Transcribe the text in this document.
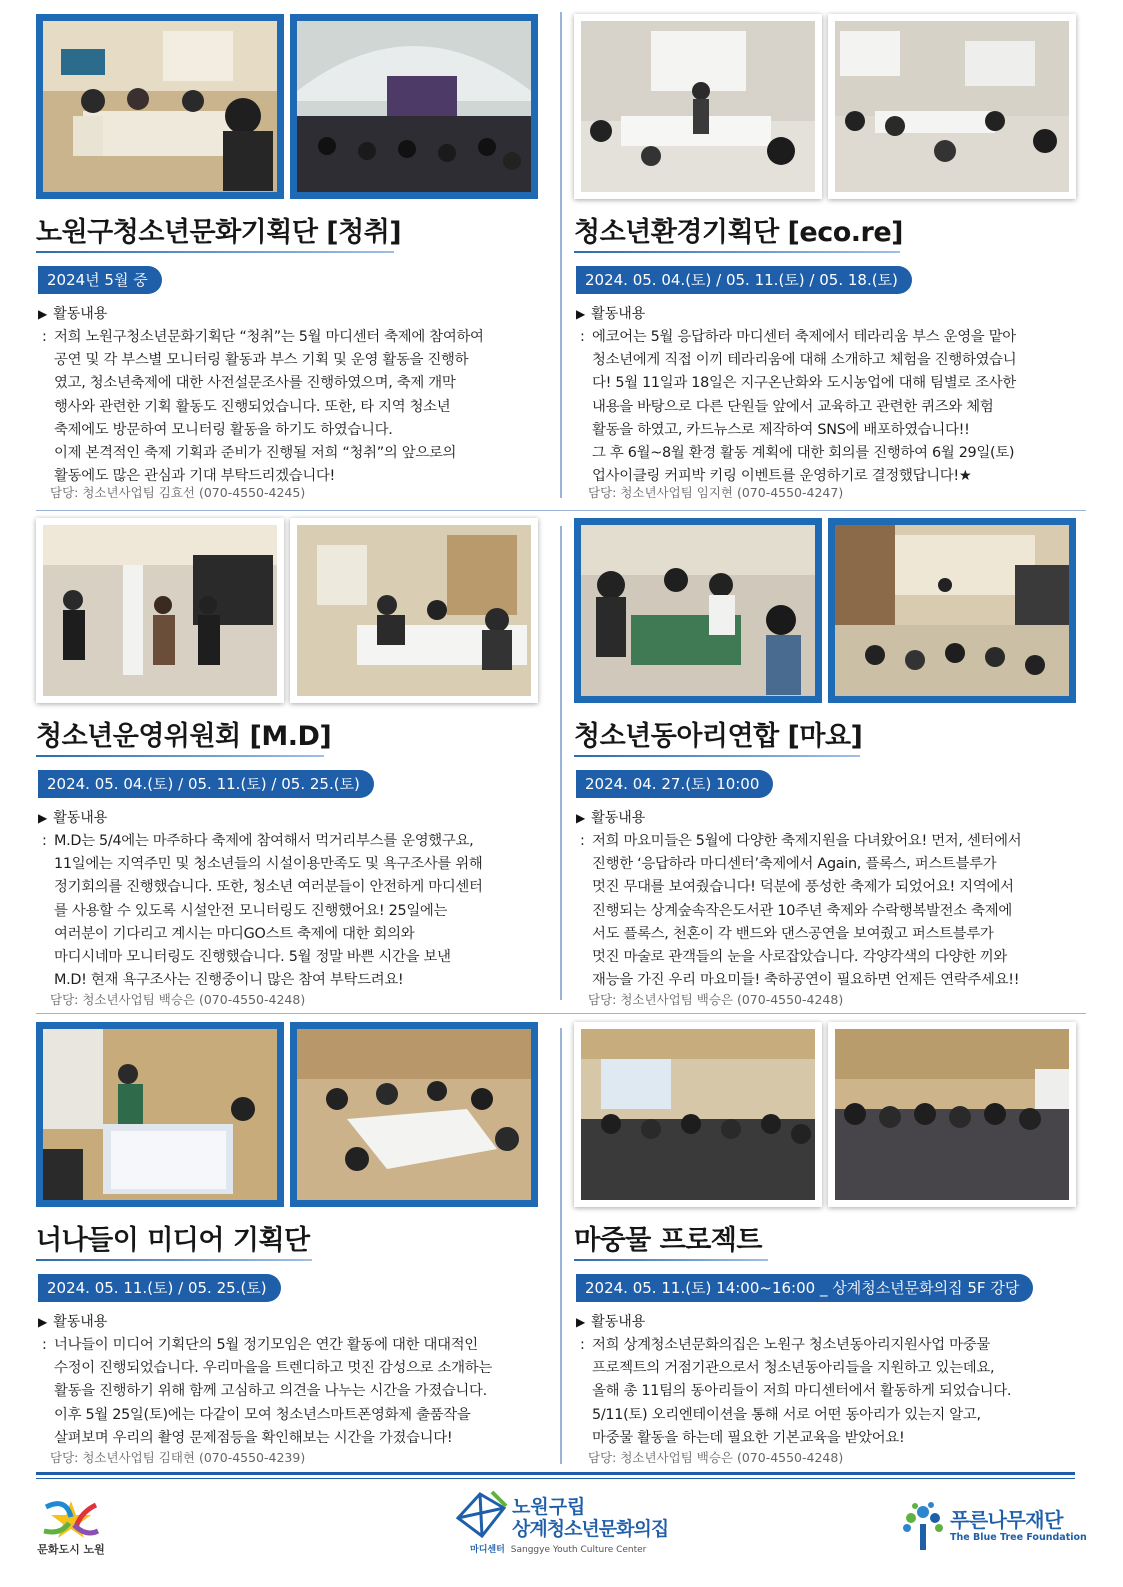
노원구청소년문화기획단 [청취]
2024년 5월 중
▶ 활동내용
: 저희 노원구청소년문화기획단 “청취”는 5월 마디센터 축제에 참여하여
공연 및 각 부스별 모니터링 활동과 부스 기획 및 운영 활동을 진행하
였고, 청소년축제에 대한 사전설문조사를 진행하였으며, 축제 개막
행사와 관련한 기획 활동도 진행되었습니다. 또한, 타 지역 청소년
축제에도 방문하여 모니터링 활동을 하기도 하였습니다.
이제 본격적인 축제 기획과 준비가 진행될 저희 “청취”의 앞으로의
활동에도 많은 관심과 기대 부탁드리겠습니다!

담당: 청소년사업팀 김효선 (070-4550-4245)
청소년환경기획단 [eco.re]
2024. 05. 04.(토) / 05. 11.(토) / 05. 18.(토)
▶ 활동내용
: 에코어는 5월 응답하라 마디센터 축제에서 테라리움 부스 운영을 맡아
청소년에게 직접 이끼 테라리움에 대해 소개하고 체험을 진행하였습니
다! 5월 11일과 18일은 지구온난화와 도시농업에 대해 팀별로 조사한
내용을 바탕으로 다른 단원들 앞에서 교육하고 관련한 퀴즈와 체험
활동을 하였고, 카드뉴스로 제작하여 SNS에 배포하였습니다!!
그 후 6월~8월 환경 활동 계획에 대한 회의를 진행하여 6월 29일(토)
업사이클링 커피박 키링 이벤트를 운영하기로 결정했답니다!★

담당: 청소년사업팀 임지현 (070-4550-4247)
청소년운영위원회 [M.D]
2024. 05. 04.(토) / 05. 11.(토) / 05. 25.(토)
▶ 활동내용
: M.D는 5/4에는 마주하다 축제에 참여해서 먹거리부스를 운영했구요,
11일에는 지역주민 및 청소년들의 시설이용만족도 및 욕구조사를 위해
정기회의를 진행했습니다. 또한, 청소년 여러분들이 안전하게 마디센터
를 사용할 수 있도록 시설안전 모니터링도 진행했어요! 25일에는
여러분이 기다리고 계시는 마디GO스트 축제에 대한 회의와
마디시네마 모니터링도 진행했습니다. 5월 정말 바쁜 시간을 보낸
M.D! 현재 욕구조사는 진행중이니 많은 참여 부탁드려요!

담당: 청소년사업팀 백승은 (070-4550-4248)
청소년동아리연합 [마요]
2024. 04. 27.(토) 10:00
▶ 활동내용
: 저희 마요미들은 5월에 다양한 축제지원을 다녀왔어요! 먼저, 센터에서
진행한 ‘응답하라 마디센터’축제에서 Again, 플록스, 퍼스트블루가
멋진 무대를 보여줬습니다! 덕분에 풍성한 축제가 되었어요! 지역에서
진행되는 상계숲속작은도서관 10주년 축제와 수락행복발전소 축제에
서도 플록스, 천혼이 각 밴드와 댄스공연을 보여줬고 퍼스트블루가
멋진 마술로 관객들의 눈을 사로잡았습니다. 각양각색의 다양한 끼와
재능을 가진 우리 마요미들! 축하공연이 필요하면 언제든 연락주세요!!

담당: 청소년사업팀 백승은 (070-4550-4248)
너나들이 미디어 기획단
2024. 05. 11.(토) / 05. 25.(토)
▶ 활동내용
: 너나들이 미디어 기획단의 5월 정기모임은 연간 활동에 대한 대대적인
수정이 진행되었습니다. 우리마을을 트렌디하고 멋진 감성으로 소개하는
활동을 진행하기 위해 함께 고심하고 의견을 나누는 시간을 가졌습니다.
이후 5월 25일(토)에는 다같이 모여 청소년스마트폰영화제 출품작을
살펴보며 우리의 촬영 문제점등을 확인해보는 시간을 가졌습니다!

담당: 청소년사업팀 김태현 (070-4550-4239)
마중물 프로젝트
2024. 05. 11.(토) 14:00~16:00 _ 상계청소년문화의집 5F 강당
▶ 활동내용
: 저희 상계청소년문화의집은 노원구 청소년동아리지원사업 마중물
프로젝트의 거점기관으로서 청소년동아리들을 지원하고 있는데요,
올해 총 11팀의 동아리들이 저희 마디센터에서 활동하게 되었습니다.
5/11(토) 오리엔테이션을 통해 서로 어떤 동아리가 있는지 알고,
마중물 활동을 하는데 필요한 기본교육을 받았어요!

담당: 청소년사업팀 백승은 (070-4550-4248)
문화도시 노원
노원구립
상계청소년문화의집
마디센터 Sanggye Youth Culture Center
푸른나무재단
The Blue Tree Foundation
